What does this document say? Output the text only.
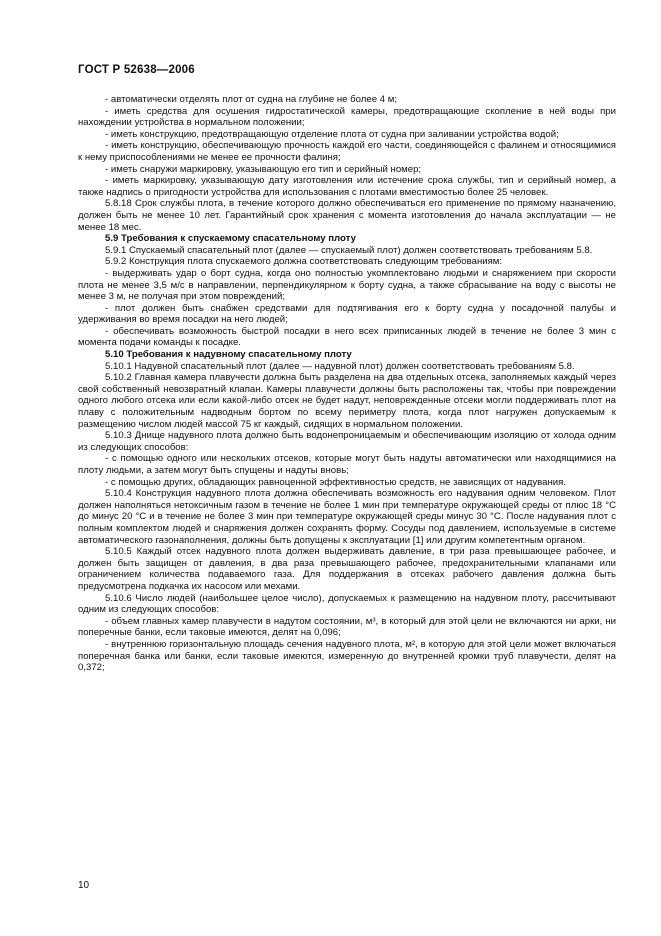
ГОСТ Р 52638—2006

- автоматически отделять плот от судна на глубине не более 4 м;

- иметь средства для осушения гидростатической камеры, предотвращающие скопление в ней воды при нахождении устройства в нормальном положении;

- иметь конструкцию, предотвращающую отделение плота от судна при заливании устройства водой;

- иметь конструкцию, обеспечивающую прочность каждой его части, соединяющейся с фалинем и относящимися к нему приспособлениями не менее ее прочности фалиня;

- иметь снаружи маркировку, указывающую его тип и серийный номер;

- иметь маркировку, указывающую дату изготовления или истечение срока службы, тип и серийный номер, а также надпись о пригодности устройства для использования с плотами вместимостью более 25 человек.

5.8.18 Срок службы плота, в течение которого должно обеспечиваться его применение по прямому назначению, должен быть не менее 10 лет. Гарантийный срок хранения с момента изготовления до начала эксплуатации — не менее 18 мес.

5.9 Требования к спускаемому спасательному плоту

5.9.1 Спускаемый спасательный плот (далее — спускаемый плот) должен соответствовать требованиям 5.8.

5.9.2 Конструкция плота спускаемого должна соответствовать следующим требованиям:

- выдерживать удар о борт судна, когда оно полностью укомплектовано людьми и снаряжением при скорости плота не менее 3,5 м/с в направлении, перпендикулярном к борту судна, а также сбрасывание на воду с высоты не менее 3 м, не получая при этом повреждений;

- плот должен быть снабжен средствами для подтягивания его к борту судна у посадочной палубы и удерживания во время посадки на него людей;

- обеспечивать возможность быстрой посадки в него всех приписанных людей в течение не более 3 мин с момента подачи команды к посадке.

5.10 Требования к надувному спасательному плоту

5.10.1 Надувной спасательный плот (далее — надувной плот) должен соответствовать требованиям 5.8.

5.10.2 Главная камера плавучести должна быть разделена на два отдельных отсека, заполняемых каждый через свой собственный невозвратный клапан. Камеры плавучести должны быть расположены так, чтобы при повреждении одного любого отсека или если какой-либо отсек не будет надут, неповрежденные отсеки могли поддерживать плот на плаву с положительным надводным бортом по всему периметру плота, когда плот нагружен допускаемым к размещению числом людей массой 75 кг каждый, сидящих в нормальном положении.

5.10.3 Днище надувного плота должно быть водонепроницаемым и обеспечивающим изоляцию от холода одним из следующих способов:

- с помощью одного или нескольких отсеков, которые могут быть надуты автоматически или находящимися на плоту людьми, а затем могут быть спущены и надуты вновь;

- с помощью других, обладающих равноценной эффективностью средств, не зависящих от надувания.

5.10.4 Конструкция надувного плота должна обеспечивать возможность его надувания одним человеком. Плот должен наполняться нетоксичным газом в течение не более 1 мин при температуре окружающей среды от плюс 18 °С до минус 20 °С и в течение не более 3 мин при температуре окружающей среды минус 30 °С. После надувания плот с полным комплектом людей и снаряжения должен сохранять форму. Сосуды под давлением, используемые в системе автоматического газонаполнения, должны быть допущены к эксплуатации [1] или другим компетентным органом.

5.10.5 Каждый отсек надувного плота должен выдерживать давление, в три раза превышающее рабочее, и должен быть защищен от давления, в два раза превышающего рабочее, предохранительными клапанами или ограничением количества подаваемого газа. Для поддержания в отсеках рабочего давления должна быть предусмотрена подкачка их насосом или мехами.

5.10.6 Число людей (наибольшее целое число), допускаемых к размещению на надувном плоту, рассчитывают одним из следующих способов:

- объем главных камер плавучести в надутом состоянии, м³, в который для этой цели не включаются ни арки, ни поперечные банки, если таковые имеются, делят на 0,096;

- внутреннюю горизонтальную площадь сечения надувного плота, м², в которую для этой цели может включаться поперечная банка или банки, если таковые имеются, измеренную до внутренней кромки труб плавучести, делят на 0,372;

10
